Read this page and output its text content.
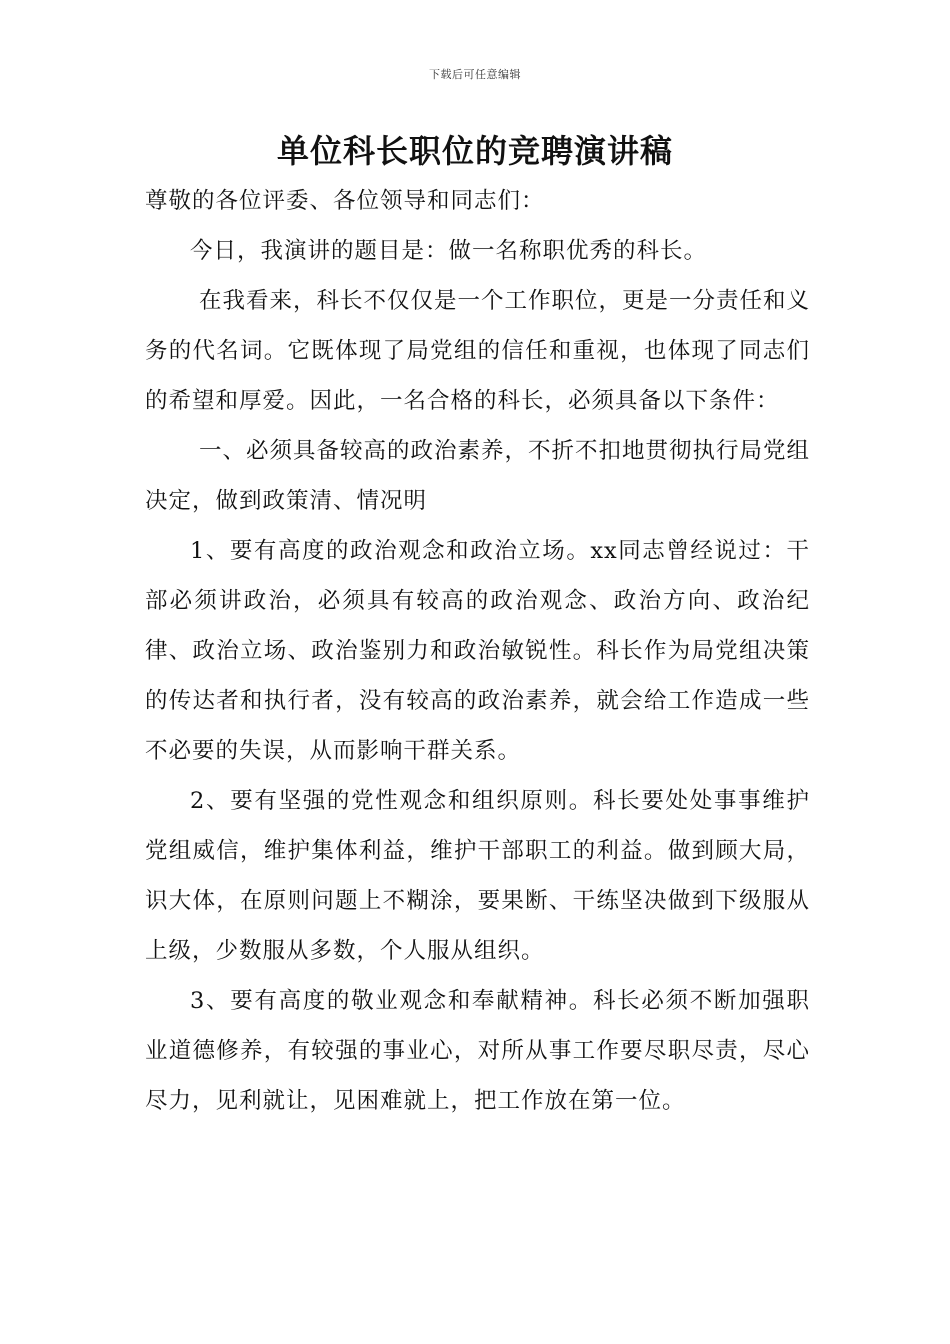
下载后可任意编辑
单位科长职位的竞聘演讲稿

尊敬的各位评委、各位领导和同志们：

今日，我演讲的题目是：做一名称职优秀的科长。

在我看来，科长不仅仅是一个工作职位，更是一分责任和义务的代名词。它既体现了局党组的信任和重视，也体现了同志们的希望和厚爱。因此，一名合格的科长，必须具备以下条件：

一、必须具备较高的政治素养，不折不扣地贯彻执行局党组决定，做到政策清、情况明

1、要有高度的政治观念和政治立场。xx同志曾经说过：干部必须讲政治，必须具有较高的政治观念、政治方向、政治纪律、政治立场、政治鉴别力和政治敏锐性。科长作为局党组决策的传达者和执行者，没有较高的政治素养，就会给工作造成一些不必要的失误，从而影响干群关系。

2、要有坚强的党性观念和组织原则。科长要处处事事维护党组威信，维护集体利益，维护干部职工的利益。做到顾大局，识大体，在原则问题上不糊涂，要果断、干练坚决做到下级服从上级，少数服从多数，个人服从组织。

3、要有高度的敬业观念和奉献精神。科长必须不断加强职业道德修养，有较强的事业心，对所从事工作要尽职尽责，尽心尽力，见利就让，见困难就上，把工作放在第一位。
